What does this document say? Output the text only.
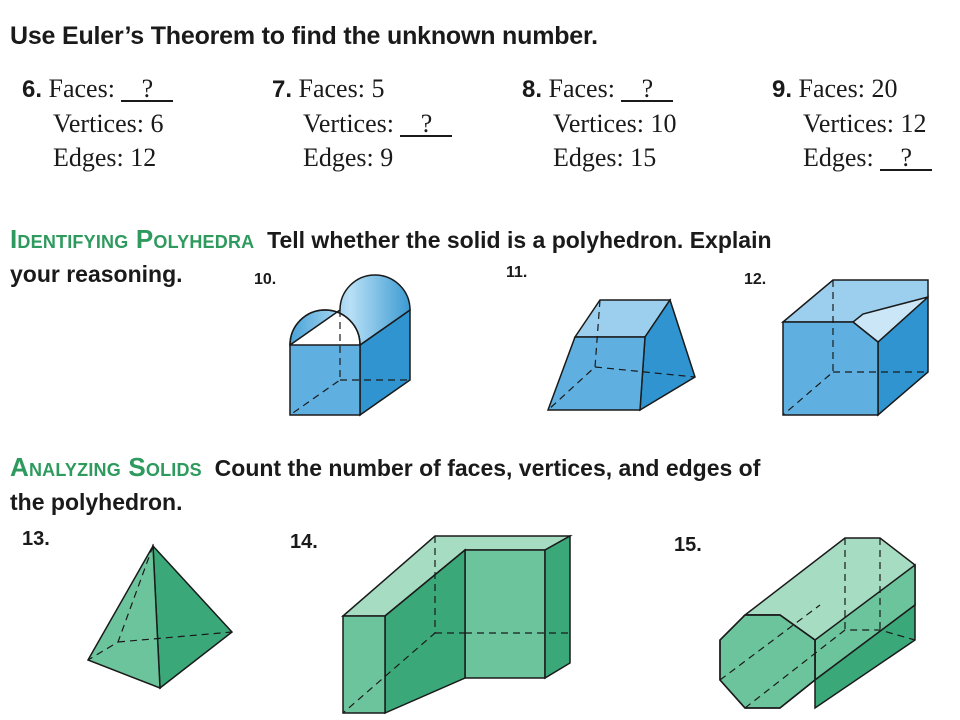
Use Euler’s Theorem to find the unknown number.
6. Faces: ?
Vertices: 6
Edges: 12
7. Faces: 5
Vertices: ?
Edges: 9
8. Faces: ?
Vertices: 10
Edges: 15
9. Faces: 20
Vertices: 12
Edges: ?
Identifying Polyhedra Tell whether the solid is a polyhedron. Explain
your reasoning.	10.	11.	12.
Analyzing Solids Count the number of faces, vertices, and edges of
the polyhedron.
13.	14.	15.
